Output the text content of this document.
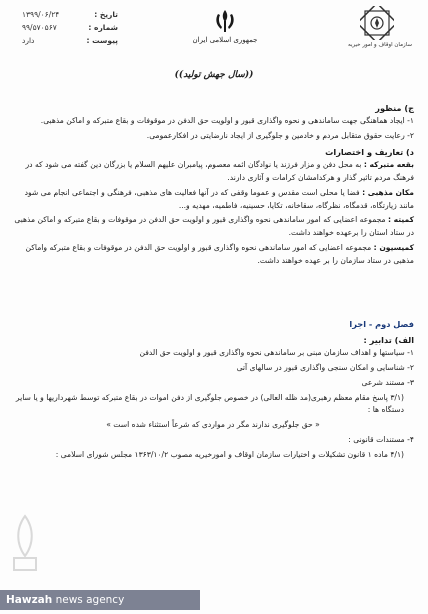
تاریخ :
۱۳۹۹/۰۶/۲۴
شماره :
۹۹/۵۷۰۵۶۷
پیوست :
دارد	جمهوری اسلامی ایران
سازمان اوقاف و امور خیریه
((سال جهش تولید))
ج) منظور
۱- ایجاد هماهنگی جهت ساماندهی و نحوه واگذاری قبور و اولویت حق الدفن در موقوفات و بقاع متبرکه و اماکن مذهبی.
۲- رعایت حقوق متقابل مردم و خادمین و جلوگیری از ایجاد نارضایتی در افکارعمومی.
د) تعاریف و اختصارات
بقعه متبرکه : به محل دفن و مزار فرزند یا نوادگان ائمه معصوم، پیامبران علیهم السلام یا بزرگان دین گفته می شود که در فرهنگ مردم تاثیر گذار و هرکدامشان کرامات و آثاری دارند.
مکان مذهبی : فضا یا محلی است مقدس و عموما وقفی که در آنها فعالیت های مذهبی، فرهنگی و اجتماعی انجام می شود مانند زیارتگاه، قدمگاه، نظرگاه، سقاخانه، تکایا، حسینیه، فاطمیه، مهدیه و...
کمیته : مجموعه اعضایی که امور ساماندهی نحوه واگذاری قبور و اولویت حق الدفن در موقوفات و بقاع متبرکه و اماکن مذهبی در ستاد استان را برعهده خواهند داشت.
کمیسیون : مجموعه اعضایی که امور ساماندهی نحوه واگذاری قبور و اولویت حق الدفن در موقوفات و بقاع متبرکه واماکن مذهبی در ستاد سازمان را بر عهده خواهند داشت.
فصل دوم - اجرا
الف) تدابیر :
۱- سیاستها و اهداف سازمان مبنی بر ساماندهی نحوه واگذاری قبور و اولویت حق الدفن
۲- شناسایی و امکان سنجی واگذاری قبور در سالهای آتی
۳- مستند شرعی
(۳/۱ پاسخ مقام معظم رهبری(مد ظله العالی) در خصوص جلوگیری از دفن اموات در بقاع متبرکه توسط شهرداریها و یا سایر دستگاه ها :
« حق جلوگیری ندارند مگر در مواردی که شرعاً استثناء شده است »
۴- مستندات قانونی :
(۴/۱ ماده ۱ قانون تشکیلات و اختیارات سازمان اوقاف و امورخیریه مصوب ۱۳۶۳/۱۰/۲ مجلس شورای اسلامی :
Hawzah news agency
